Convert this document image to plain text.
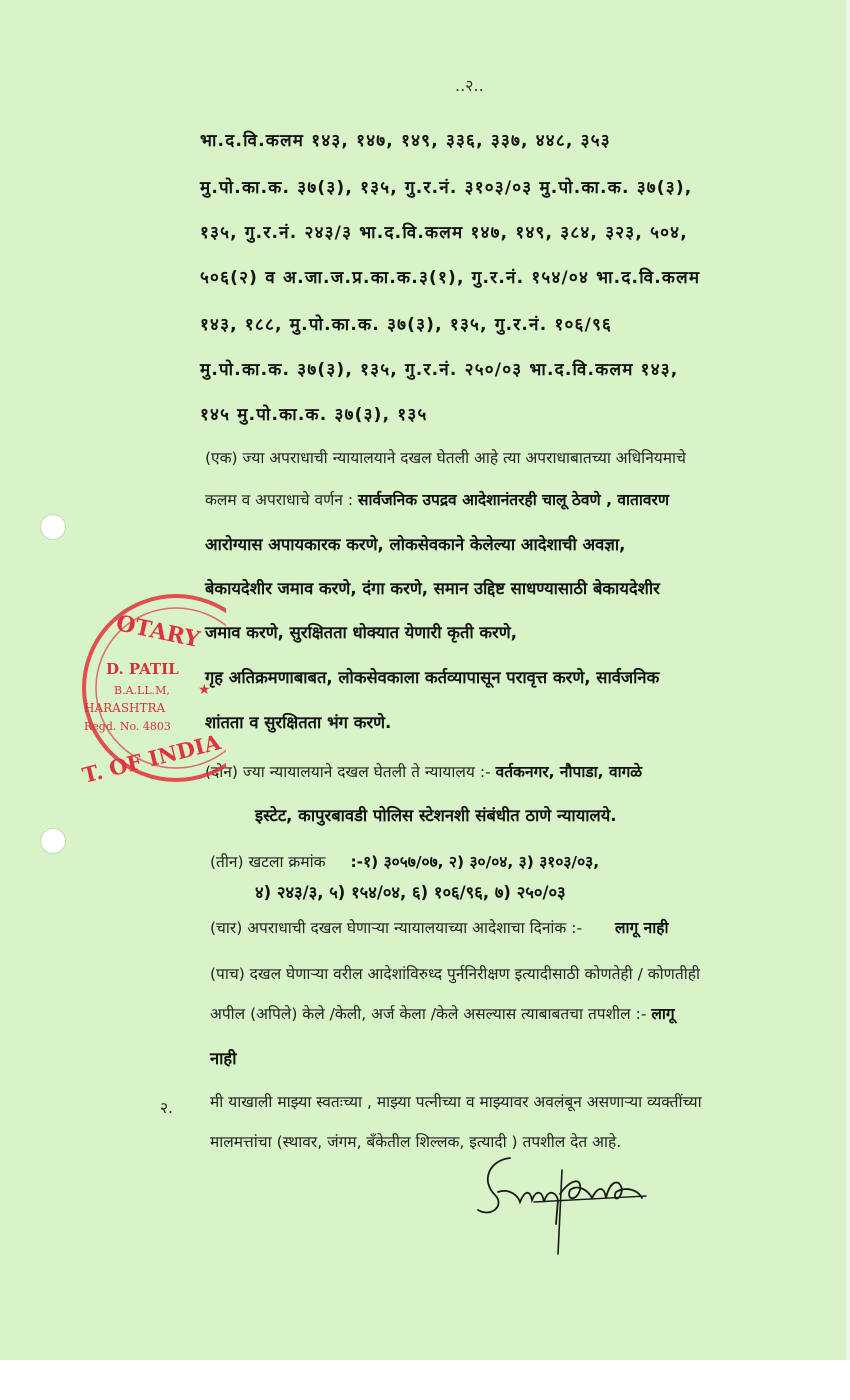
..२..
भा.द.वि.कलम १४३, १४७, १४९, ३३६, ३३७, ४४८, ३५३
मु.पो.का.क. ३७(३), १३५, गु.र.नं. ३१०३/०३ मु.पो.का.क. ३७(३),
१३५, गु.र.नं. २४३/३ भा.द.वि.कलम १४७, १४९, ३८४, ३२३, ५०४,
५०६(२) व अ.जा.ज.प्र.का.क.३(१), गु.र.नं. १५४/०४ भा.द.वि.कलम
१४३, १८८, मु.पो.का.क. ३७(३), १३५, गु.र.नं. १०६/९६
मु.पो.का.क. ३७(३), १३५, गु.र.नं. २५०/०३ भा.द.वि.कलम १४३,
१४५ मु.पो.का.क. ३७(३), १३५
(एक) ज्या अपराधाची न्यायालयाने दखल घेतली आहे त्या अपराधाबातच्या अधिनियमाचे
कलम व अपराधाचे वर्णन : सार्वजनिक उपद्रव आदेशानंतरही चालू ठेवणे , वातावरण
आरोग्यास अपायकारक करणे, लोकसेवकाने केलेल्या आदेशाची अवज्ञा,
बेकायदेशीर जमाव करणे, दंगा करणे, समान उद्दिष्ट साधण्यासाठी बेकायदेशीर
जमाव करणे, सुरक्षितता धोक्यात येणारी कृती करणे,
गृह अतिक्रमणाबाबत, लोकसेवकाला कर्तव्यापासून परावृत्त करणे, सार्वजनिक
शांतता व सुरक्षितता भंग करणे.
(दोन) ज्या न्यायालयाने दखल घेतली ते न्यायालय :- वर्तकनगर, नौपाडा, वागळे
इस्टेट, कापुरबावडी पोलिस स्टेशनशी संबंधीत ठाणे न्यायालये.
(तीन) खटला क्रमांक :-१) ३०५७/०७, २) ३०/०४, ३) ३१०३/०३,
४) २४३/३, ५) १५४/०४, ६) १०६/९६, ७) २५०/०३
(चार) अपराधाची दखल घेणाऱ्या न्यायालयाच्या आदेशाचा दिनांक :- लागू नाही
(पाच) दखल घेणाऱ्या वरील आदेशांविरुध्द पुर्ननिरीक्षण इत्यादीसाठी कोणतेही / कोणतीही
अपील (अपिले) केले /केली, अर्ज केला /केले असल्यास त्याबाबतचा तपशील :- लागू
नाही
२. मी याखाली माझ्या स्वतःच्या , माझ्या पत्नीच्या व माझ्यावर अवलंबून असणाऱ्या व्यक्तींच्या
मालमत्तांचा (स्थावर, जंगम, बँकेतील शिल्लक, इत्यादी ) तपशील देत आहे.
OTARY
D. PATIL
B.A.LL.M,
HARASHTRA
Regd. No. 4803
T. OF INDIA
★
